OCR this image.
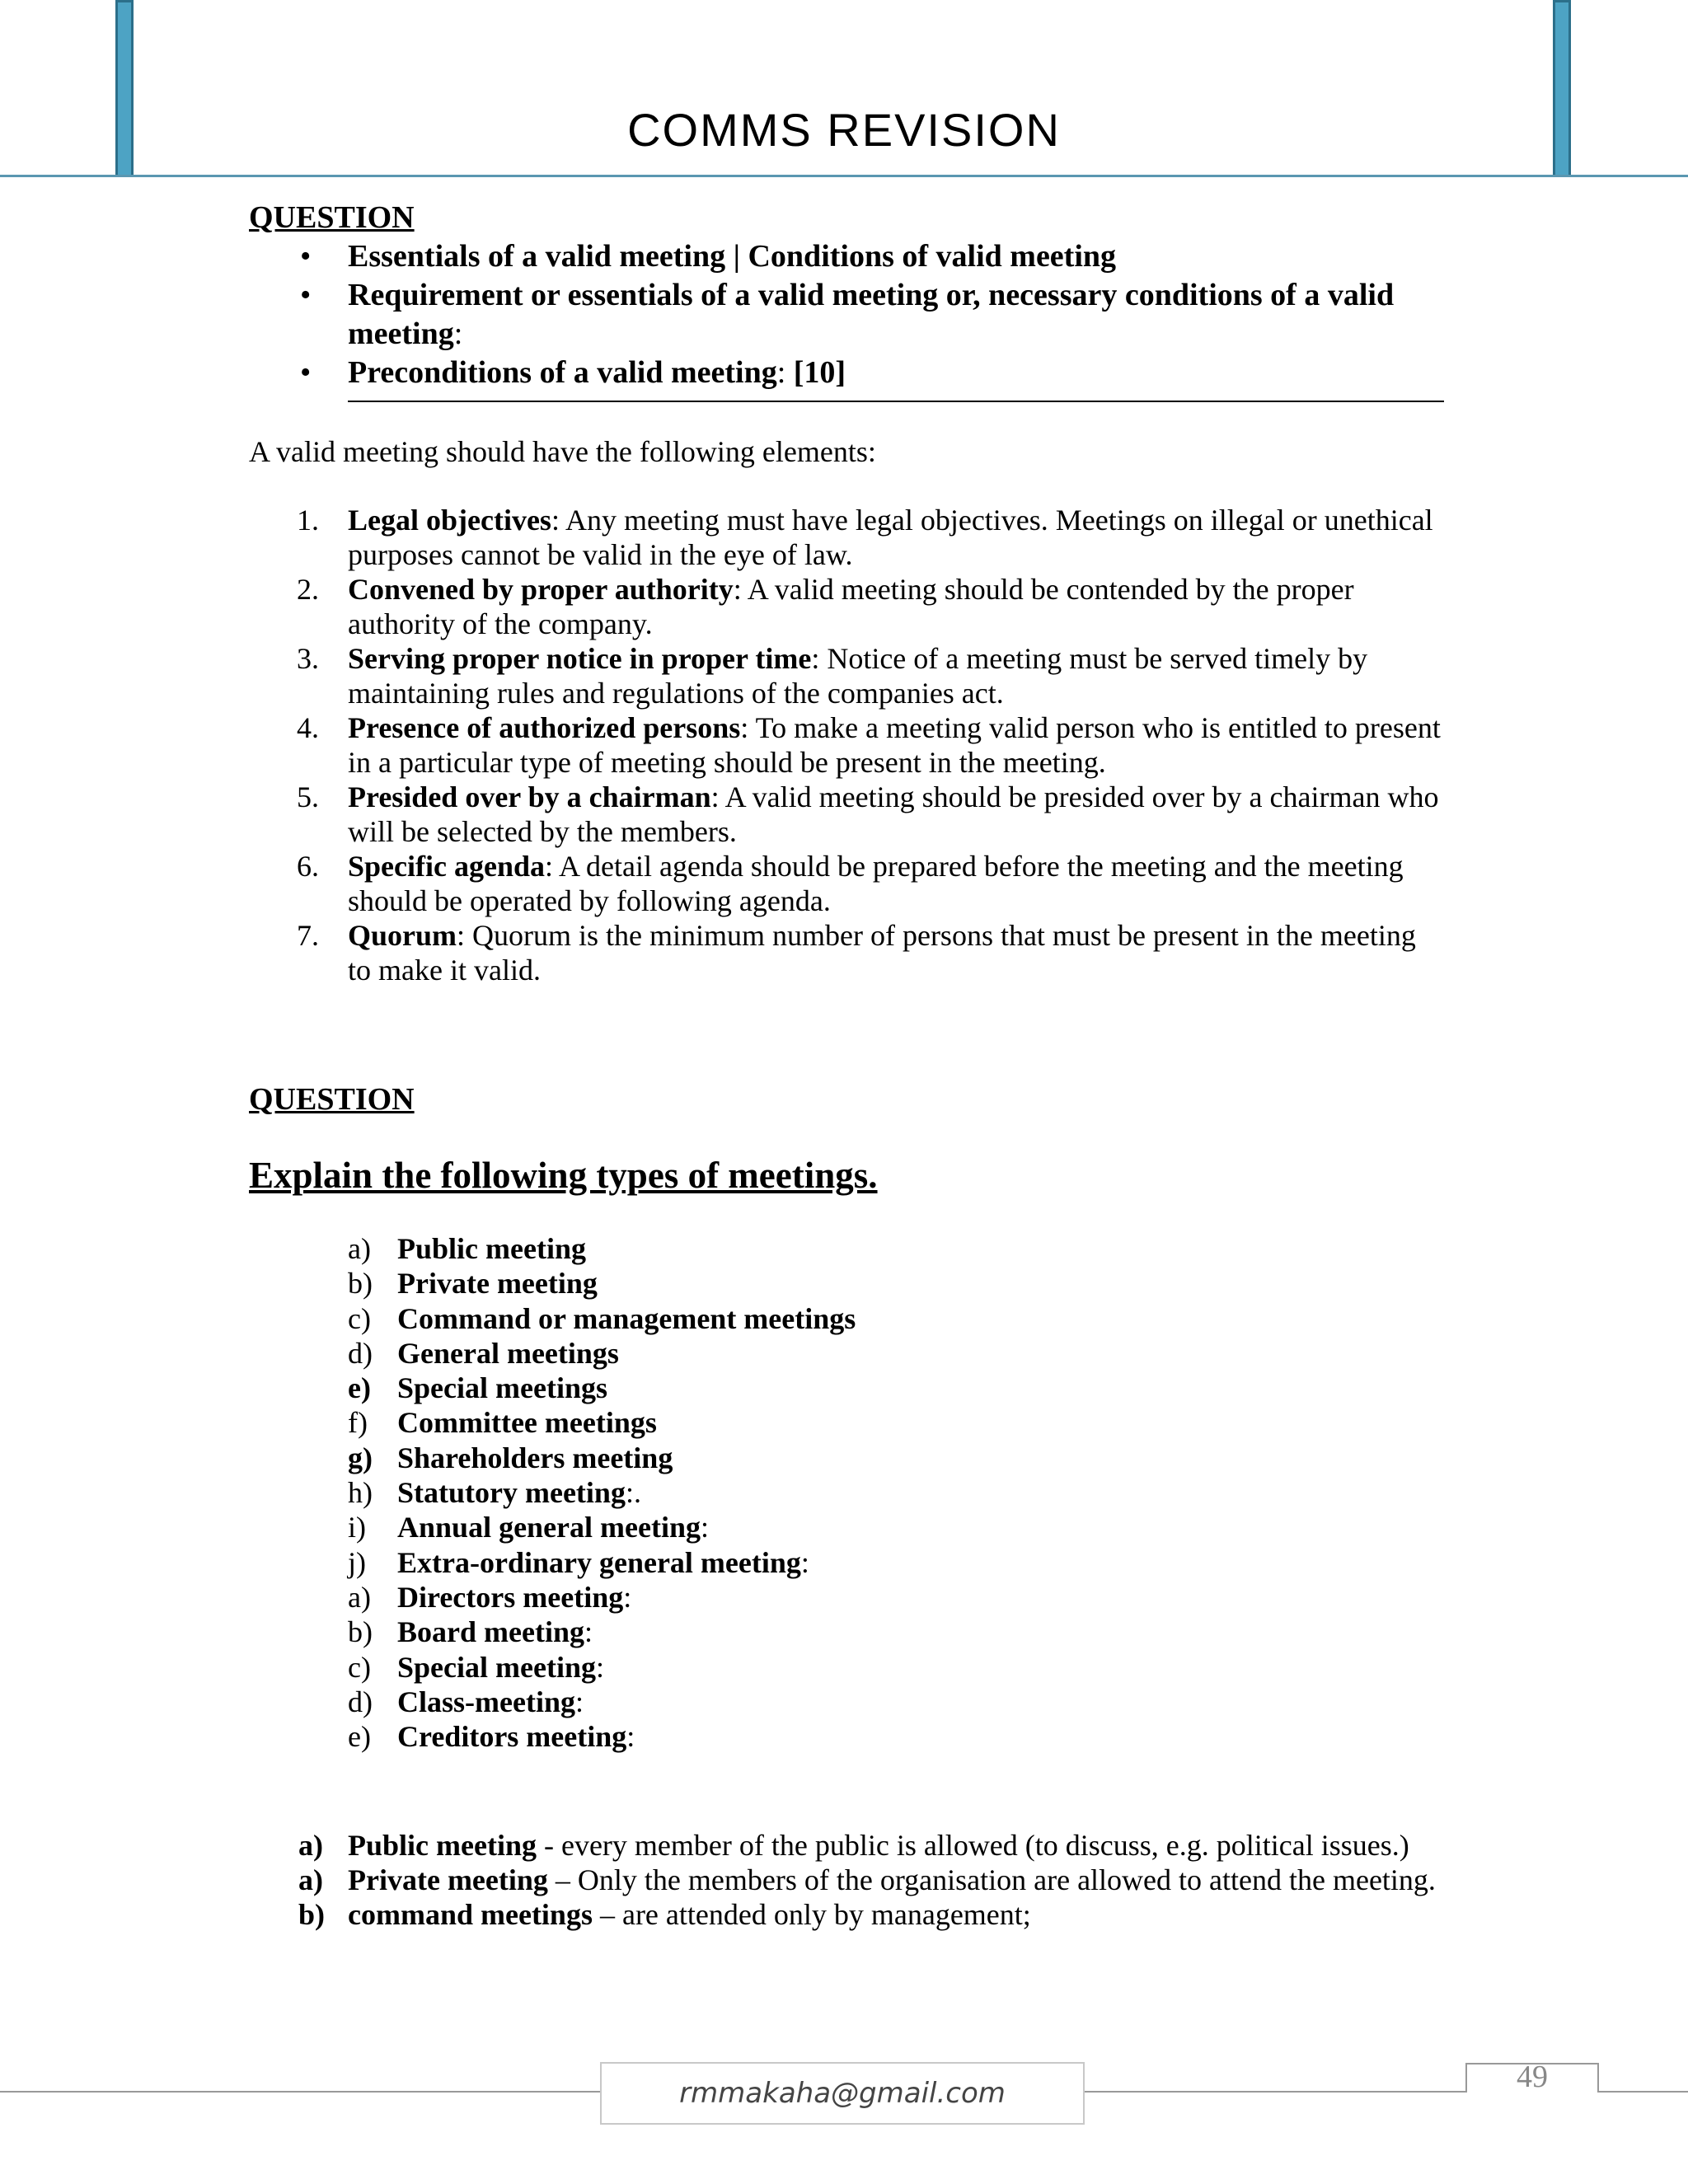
COMMS REVISION
QUESTION
• Essentials of a valid meeting | Conditions of valid meeting
• Requirement or essentials of a valid meeting or, necessary conditions of a valid meeting:
• Preconditions of a valid meeting: [10]
A valid meeting should have the following elements:
1. Legal objectives: Any meeting must have legal objectives. Meetings on illegal or unethical purposes cannot be valid in the eye of law.
2. Convened by proper authority: A valid meeting should be contended by the proper authority of the company.
3. Serving proper notice in proper time: Notice of a meeting must be served timely by maintaining rules and regulations of the companies act.
4. Presence of authorized persons: To make a meeting valid person who is entitled to present in a particular type of meeting should be present in the meeting.
5. Presided over by a chairman: A valid meeting should be presided over by a chairman who will be selected by the members.
6. Specific agenda: A detail agenda should be prepared before the meeting and the meeting should be operated by following agenda.
7. Quorum: Quorum is the minimum number of persons that must be present in the meeting to make it valid.
QUESTION
Explain the following types of meetings.
a) Public meeting
b) Private meeting
c) Command or management meetings
d) General meetings
e) Special meetings
f) Committee meetings
g) Shareholders meeting
h) Statutory meeting:.
i) Annual general meeting:
j) Extra-ordinary general meeting:
a) Directors meeting:
b) Board meeting:
c) Special meeting:
d) Class-meeting:
e) Creditors meeting:
a) Public meeting - every member of the public is allowed (to discuss, e.g. political issues.)
a) Private meeting – Only the members of the organisation are allowed to attend the meeting.
b) command meetings – are attended only by management;
rmmakaha@gmail.com	49
